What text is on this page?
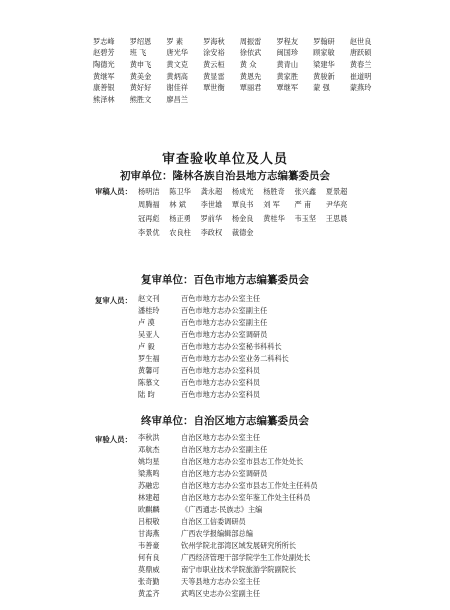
罗志峰	罗绍恩	罗 素	罗海秋	周振雷	罗程友	罗翰研	赵世良
赵碧芳	班 飞	唐光华	涂安裕	徐依武	闽国珍	顾家敏	唐跃硕
陶德光	黄申飞	黄文克	黄云桓	黄 众	黄青山	梁建华	黄春兰
黄继军	黄美金	黄炳高	黄显雷	黄恩先	黄家胜	黄骏新	崔道明
康善银	黄好好	谢佳祥	覃世衡	覃丽君	覃继军	蒙 强	蒙燕玲
熊泽林	熊胜文	廖昌兰
审查验收单位及人员
初审单位：隆林各族自治县地方志编纂委员会
审稿人员： 杨明洁	陈卫华	龚永超	杨成光	杨胜奇	张兴鑫	夏景超
周腾福	林 斌	李世雄	覃良书	刘 军	严 甫	尹华亮
冠再彪	杨正勇	罗前华	杨金良	黄桂华	韦玉坚	王思晨
李景优	农良柱	李政权	裁德金
复审单位：百色市地方志编纂委员会
复审人员： 赵文刊	百色市地方志办公室主任
潘桂玲	百色市地方志办公室副主任
卢 漠	百色市地方志办公室副主任
吴亚人	百色市地方志办公室调研员
卢 毅	百色市地方志办公室秘书科科长
罗生福	百色市地方志办公室业务二科科长
黄馨可	百色市地方志办公室科员
陈慕文	百色市地方志办公室科员
陆 昀	百色市地方志办公室科员
终审单位：自治区地方志编纂委员会
审验人员： 李秋洪	自治区地方志办公室主任
邓航杰	自治区地方志办公室副主任
姚均星	自治区地方志办公室市县志工作处处长
梁燕鸣	自治区地方志办公室调研员
苏融忠	自治区地方志办公室市县志工作处主任科员
林建超	自治区地方志办公室年鉴工作处主任科员
欧麒麟	《广西通志·民族志》主编
吕根敬	自治区工信委调研员
甘海燕	广西农学报编辑部总编
韦善豪	钦州学院北部湾区域发展研究所所长
何有良	广西经济管理干部学院学生工作处副处长
莫鼎威	南宁市职业技术学院旅游学院副院长
张奇勤	天等县地方志办公室主任
黄孟齐	武鸣区史志办公室副主任
